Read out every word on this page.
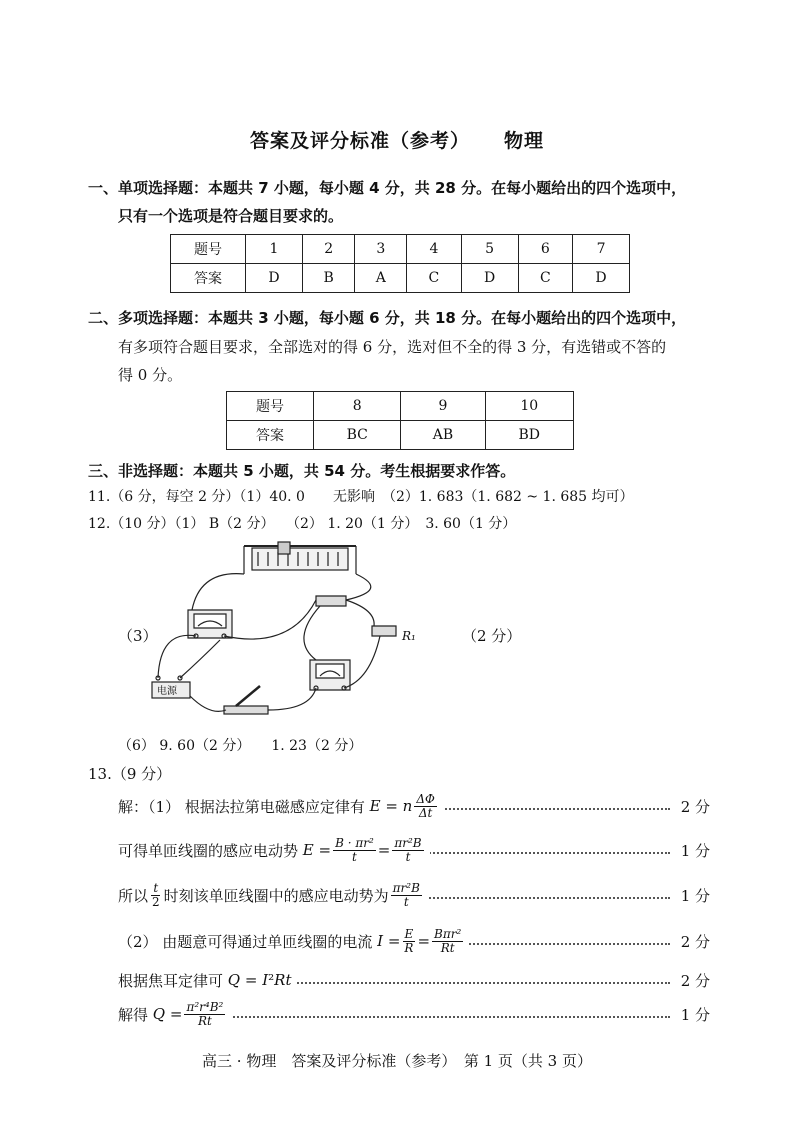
答案及评分标准（参考） 物理
一、单项选择题：本题共 7 小题，每小题 4 分，共 28 分。在每小题给出的四个选项中，
只有一个选项是符合题目要求的。
题号	1	2	3	4	5	6	7
答案	D	B	A	C	D	C	D
二、多项选择题：本题共 3 小题，每小题 6 分，共 18 分。在每小题给出的四个选项中，
有多项符合题目要求，全部选对的得 6 分，选对但不全的得 3 分，有选错或不答的
得 0 分。
题号	8	9	10
答案	BC	AB	BD
三、非选择题：本题共 5 小题，共 54 分。考生根据要求作答。
11.（6 分，每空 2 分）（1）40. 0　　无影响　（2）1. 683（1. 682 ~ 1. 685 均可）
12.（10 分）（1） B（2 分）　 （2） 1. 20（1 分）　3. 60（1 分）
（3）	（2 分）
电源
R₁
（6） 9. 60（2 分）　　1. 23（2 分）
13.（9 分）
解：（1） 根据法拉第电磁感应定律有
E = n $\frac{\Delta\Phi}{\Delta t}$	2 分
可得单匝线圈的感应电动势
$E = \frac{\text{B · πr²}}{t} = \frac{\text{πr²B}}{t}$	1 分
所以 $\frac{t}{2}$ 时刻该单匝线圈中的感应电动势为 $\frac{\text{πr²B}}{t}$	1 分
（2） 由题意可得通过单匝线圈的电流
$I = \frac{E}{R} = \frac{\text{Bπr²}}{Rt}$	2 分
根据焦耳定律可
Q = I ² Rt	2 分
解得
$Q = \frac{\text{π²r⁴B²}}{Rt}$	1 分
高三 · 物理　答案及评分标准（参考）　第 1 页（共 3 页）
